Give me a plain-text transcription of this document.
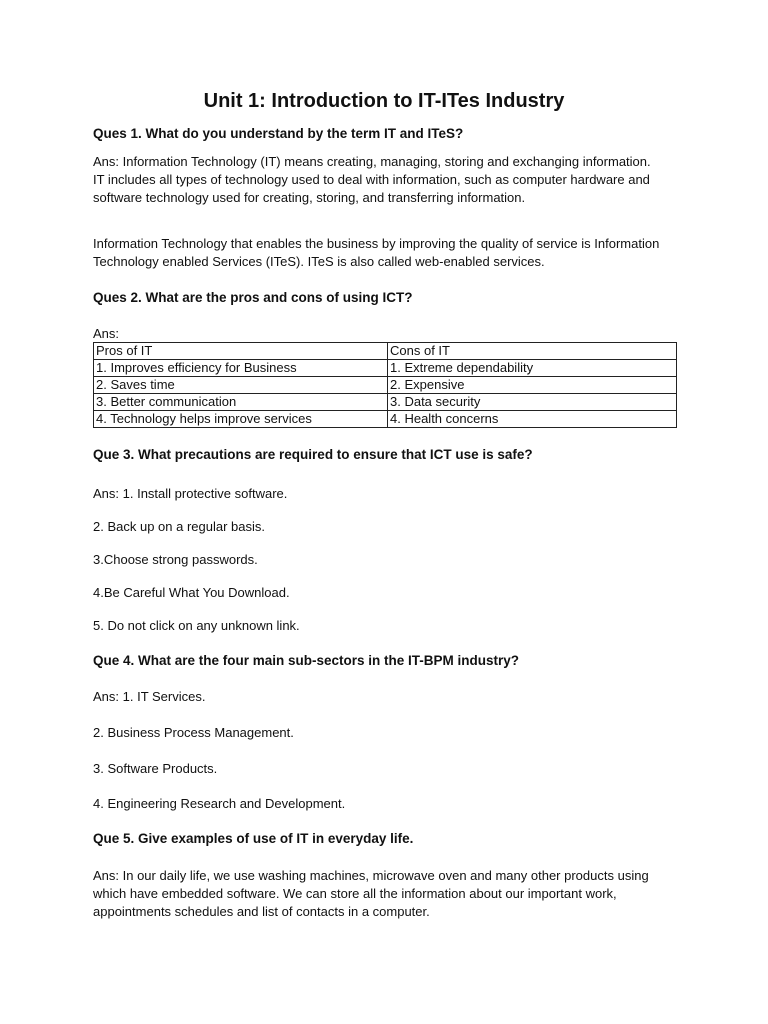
Unit 1: Introduction to IT-ITes Industry
Ques 1. What do you understand by the term IT and ITeS?
Ans: Information Technology (IT) means creating, managing, storing and exchanging information.
IT includes all types of technology used to deal with information, such as computer hardware and
software technology used for creating, storing, and transferring information.
Information Technology that enables the business by improving the quality of service is Information
Technology enabled Services (ITeS). ITeS is also called web-enabled services.
Ques 2. What are the pros and cons of using ICT?
Ans:
Pros of IT	Cons of IT
1. Improves efficiency for Business	1. Extreme dependability
2. Saves time	2. Expensive
3. Better communication	3. Data security
4. Technology helps improve services	4. Health concerns
Que 3. What precautions are required to ensure that ICT use is safe?
Ans: 1. Install protective software.
2. Back up on a regular basis.
3.Choose strong passwords.
4.Be Careful What You Download.
5. Do not click on any unknown link.
Que 4. What are the four main sub-sectors in the IT-BPM industry?
Ans: 1. IT Services.
2. Business Process Management.
3. Software Products.
4. Engineering Research and Development.
Que 5. Give examples of use of IT in everyday life.
Ans: In our daily life, we use washing machines, microwave oven and many other products using
which have embedded software. We can store all the information about our important work,
appointments schedules and list of contacts in a computer.
